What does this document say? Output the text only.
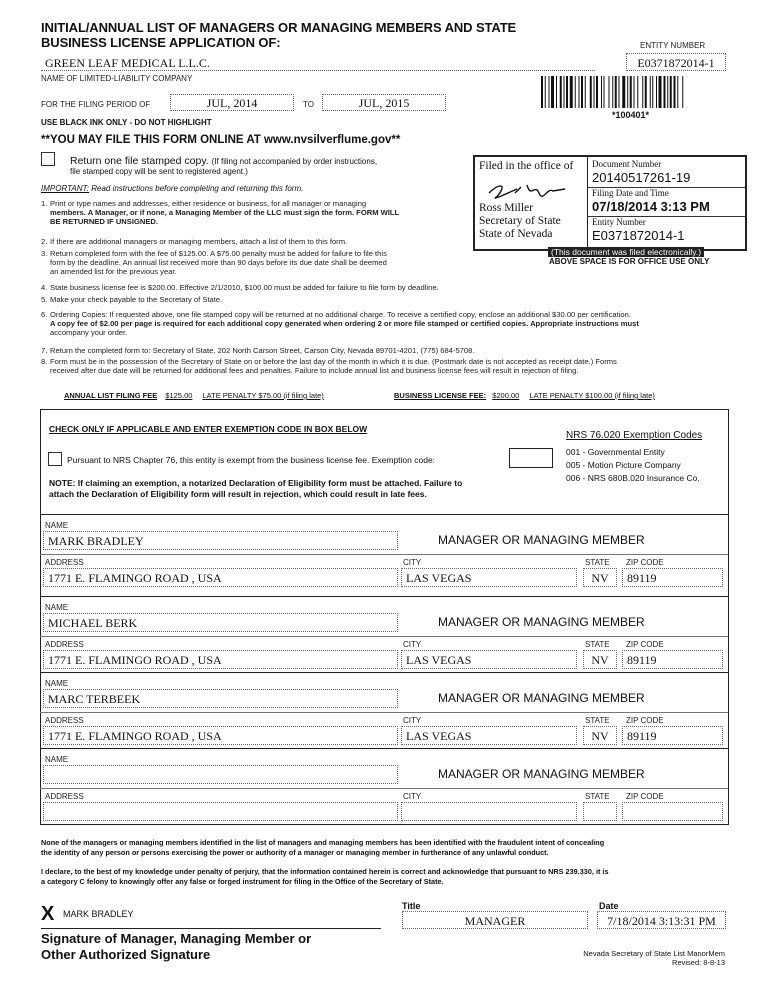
INITIAL/ANNUAL LIST OF MANAGERS OR MANAGING MEMBERS AND STATE
BUSINESS LICENSE APPLICATION OF:	ENTITY NUMBER
E0371872014-1
GREEN LEAF MEDICAL L.L.C.
NAME OF LIMITED-LIABILITY COMPANY
FOR THE FILING PERIOD OF	JUL, 2014	TO	JUL, 2015
*100401*
USE BLACK INK ONLY - DO NOT HIGHLIGHT
**YOU MAY FILE THIS FORM ONLINE AT www.nvsilverflume.gov**
Return one file stamped copy. (If filing not accompanied by order instructions,
file stamped copy will be sent to registered agent.)
IMPORTANT: Read instructions before completing and returning this form.
1. Print or type names and addresses, either residence or business, for all manager or managing

members. A Manager, or if none, a Managing Member of the LLC must sign the form. FORM WILL
BE RETURNED IF UNSIGNED.
2. If there are additional managers or managing members, attach a list of them to this form.
3. Return completed form with the fee of $125.00. A $75.00 penalty must be added for failure to file this

form by the deadline. An annual list received more than 90 days before its due date shall be deemed
an amended list for the previous year.
4. State business license fee is $200.00. Effective 2/1/2010, $100.00 must be added for failure to file form by deadline.
5. Make your check payable to the Secretary of State.
6. Ordering Copies: If requested above, one file stamped copy will be returned at no additional charge. To receive a certified copy, enclose an additional $30.00 per certification.

A copy fee of $2.00 per page is required for each additional copy generated when ordering 2 or more file stamped or certified copies. Appropriate instructions must
accompany your order.
7. Return the completed form to: Secretary of State, 202 North Carson Street, Carson City, Nevada 89701-4201, (775) 684-5708.
8. Form must be in the possession of the Secretary of State on or before the last day of the month in which it is due. (Postmark date is not accepted as receipt date.) Forms

received after due date will be returned for additional fees and penalties. Failure to include annual list and business license fees will result in rejection of filing.
Filed in the office of
Ross Miller
Secretary of State
State of Nevada
Document Number
20140517261-19
Filing Date and Time
07/18/2014 3:13 PM
Entity Number
E0371872014-1
(This document was filed electronically.)
ABOVE SPACE IS FOR OFFICE USE ONLY
ANNUAL LIST FILING FEE $125.00 LATE PENALTY $75.00 (if filing late)	BUSINESS LICENSE FEE: $200.00 LATE PENALTY $100.00 (if filing late)
CHECK ONLY IF APPLICABLE AND ENTER EXEMPTION CODE IN BOX BELOW
Pursuant to NRS Chapter 76, this entity is exempt from the business license fee. Exemption code:
NOTE: If claiming an exemption, a notarized Declaration of Eligibility form must be attached. Failure to
attach the Declaration of Eligibility form will result in rejection, which could result in late fees.
NRS 76.020 Exemption Codes
001 - Governmental Entity
005 - Motion Picture Company
006 - NRS 680B.020 Insurance Co.
NAME
MARK BRADLEY	MANAGER OR MANAGING MEMBER
ADDRESS
1771 E. FLAMINGO ROAD , USA
CITY
LAS VEGAS
STATE
NV
ZIP CODE
89119
NAME
MICHAEL BERK	MANAGER OR MANAGING MEMBER
ADDRESS
1771 E. FLAMINGO ROAD , USA
CITY
LAS VEGAS
STATE
NV
ZIP CODE
89119
NAME
MARC TERBEEK	MANAGER OR MANAGING MEMBER
ADDRESS
1771 E. FLAMINGO ROAD , USA
CITY
LAS VEGAS
STATE
NV
ZIP CODE
89119
NAME
MANAGER OR MANAGING MEMBER
ADDRESS	CITY	STATE ZIP CODE
None of the managers or managing members identified in the list of managers and managing members has been identified with the fraudulent intent of concealing
the identity of any person or persons exercising the power or authority of a manager or managing member in furtherance of any unlawful conduct.
I declare, to the best of my knowledge under penalty of perjury, that the information contained herein is correct and acknowledge that pursuant to NRS 239.330, it is
a category C felony to knowingly offer any false or forged instrument for filing in the Office of the Secretary of State.
X MARK BRADLEY
Signature of Manager, Managing Member or
Other Authorized Signature
Title
MANAGER
Date
7/18/2014 3:13:31 PM
Nevada Secretary of State List ManorMem
Revised: 8-8-13
